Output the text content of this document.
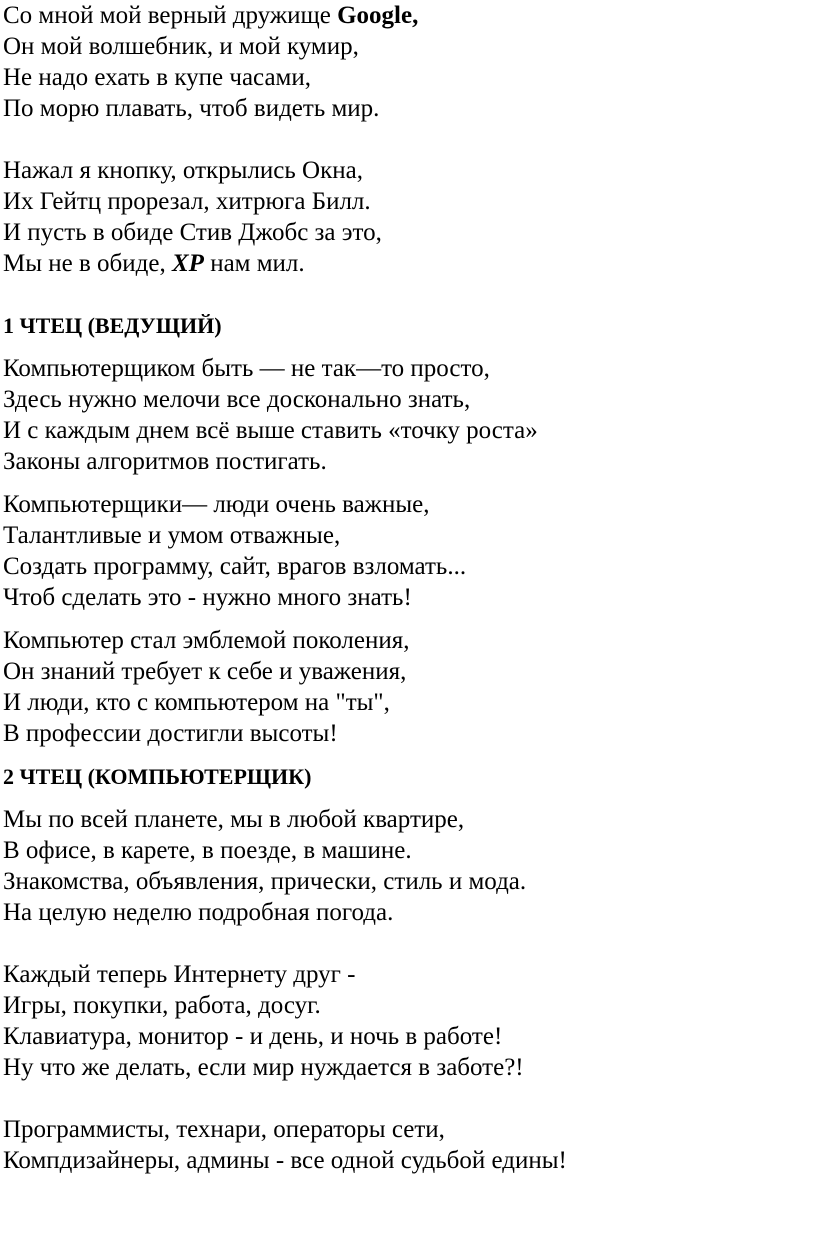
Со мной мой верный дружище Google,
Он мой волшебник, и мой кумир,
Не надо ехать в купе часами,
По морю плавать, чтоб видеть мир.
Нажал я кнопку, открылись Окна,
Их Гейтц прорезал, хитрюга Билл.
И пусть в обиде Стив Джобс за это,
Мы не в обиде, XP нам мил.
1 ЧТЕЦ (ВЕДУЩИЙ)
Компьютерщиком быть — не так—то просто,
Здесь нужно мелочи все досконально знать,
И с каждым днем всё выше ставить «точку роста»
Законы алгоритмов постигать.
Компьютерщики— люди очень важные,
Талантливые и умом отважные,
Создать программу, сайт, врагов взломать...
Чтоб сделать это - нужно много знать!
Компьютер стал эмблемой поколения,
Он знаний требует к себе и уважения,
И люди, кто с компьютером на "ты",
В профессии достигли высоты!
2 ЧТЕЦ (КОМПЬЮТЕРЩИК)
Мы по всей планете, мы в любой квартире,
В офисе, в карете, в поезде, в машине.
Знакомства, объявления, прически, стиль и мода.
На целую неделю подробная погода.
Каждый теперь Интернету друг -
Игры, покупки, работа, досуг.
Клавиатура, монитор - и день, и ночь в работе!
Ну что же делать, если мир нуждается в заботе?!
Программисты, технари, операторы сети,
Компдизайнеры, админы - все одной судьбой едины!
